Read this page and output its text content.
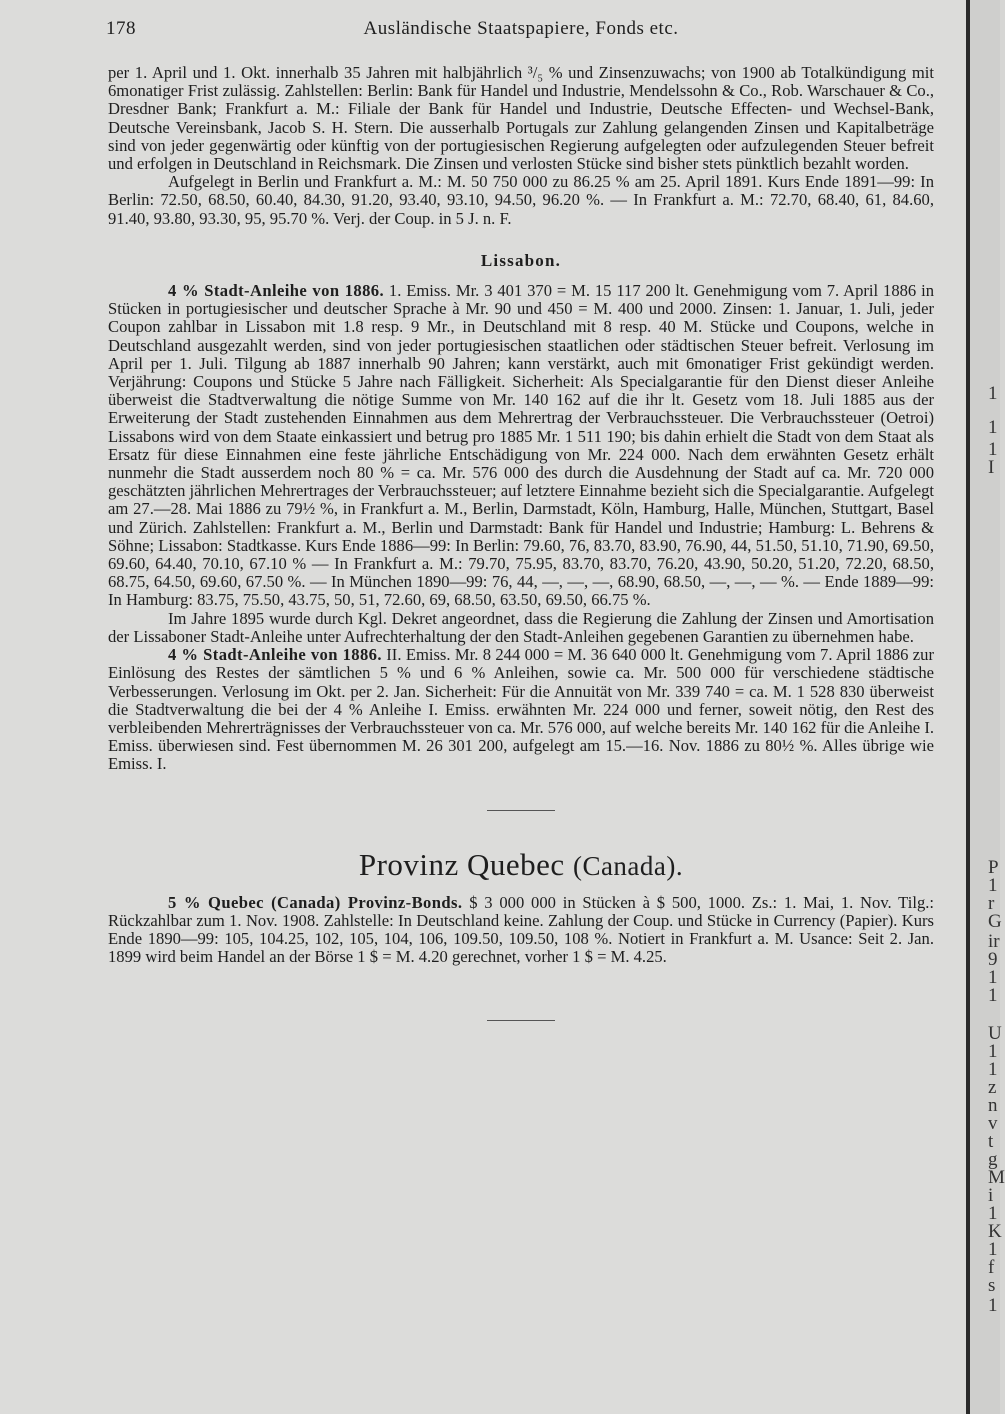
178	Ausländische Staatspapiere, Fonds etc.

per 1. April und 1. Okt. innerhalb 35 Jahren mit halbjährlich ³/₅ % und Zinsenzuwachs; von 1900 ab Totalkündigung mit 6monatiger Frist zulässig. Zahlstellen: Berlin: Bank für Handel und Industrie, Mendelssohn & Co., Rob. Warschauer & Co., Dresdner Bank; Frankfurt a. M.: Filiale der Bank für Handel und Industrie, Deutsche Effecten- und Wechsel-Bank, Deutsche Vereinsbank, Jacob S. H. Stern. Die ausserhalb Portugals zur Zahlung gelangenden Zinsen und Kapitalbeträge sind von jeder gegenwärtig oder künftig von der portugiesischen Regierung aufgelegten oder aufzulegenden Steuer befreit und erfolgen in Deutschland in Reichsmark. Die Zinsen und verlosten Stücke sind bisher stets pünktlich bezahlt worden.

Aufgelegt in Berlin und Frankfurt a. M.: M. 50 750 000 zu 86.25 % am 25. April 1891. Kurs Ende 1891—99: In Berlin: 72.50, 68.50, 60.40, 84.30, 91.20, 93.40, 93.10, 94.50, 96.20 %. — In Frankfurt a. M.: 72.70, 68.40, 61, 84.60, 91.40, 93.80, 93.30, 95, 95.70 %. Verj. der Coup. in 5 J. n. F.

Lissabon.

4 % Stadt-Anleihe von 1886. 1. Emiss. Mr. 3 401 370 = M. 15 117 200 lt. Genehmigung vom 7. April 1886 in Stücken in portugiesischer und deutscher Sprache à Mr. 90 und 450 = M. 400 und 2000. Zinsen: 1. Januar, 1. Juli, jeder Coupon zahlbar in Lissabon mit 1.8 resp. 9 Mr., in Deutschland mit 8 resp. 40 M. Stücke und Coupons, welche in Deutschland ausgezahlt werden, sind von jeder portugiesischen staatlichen oder städtischen Steuer befreit. Verlosung im April per 1. Juli. Tilgung ab 1887 innerhalb 90 Jahren; kann verstärkt, auch mit 6monatiger Frist gekündigt werden. Verjährung: Coupons und Stücke 5 Jahre nach Fälligkeit. Sicherheit: Als Specialgarantie für den Dienst dieser Anleihe überweist die Stadtverwaltung die nötige Summe von Mr. 140 162 auf die ihr lt. Gesetz vom 18. Juli 1885 aus der Erweiterung der Stadt zustehenden Einnahmen aus dem Mehrertrag der Verbrauchssteuer. Die Verbrauchssteuer (Oetroi) Lissabons wird von dem Staate einkassiert und betrug pro 1885 Mr. 1 511 190; bis dahin erhielt die Stadt von dem Staat als Ersatz für diese Einnahmen eine feste jährliche Entschädigung von Mr. 224 000. Nach dem erwähnten Gesetz erhält nunmehr die Stadt ausserdem noch 80 % = ca. Mr. 576 000 des durch die Ausdehnung der Stadt auf ca. Mr. 720 000 geschätzten jährlichen Mehrertrages der Verbrauchssteuer; auf letztere Einnahme bezieht sich die Specialgarantie. Aufgelegt am 27.—28. Mai 1886 zu 79½ %, in Frankfurt a. M., Berlin, Darmstadt, Köln, Hamburg, Halle, München, Stuttgart, Basel und Zürich. Zahlstellen: Frankfurt a. M., Berlin und Darmstadt: Bank für Handel und Industrie; Hamburg: L. Behrens & Söhne; Lissabon: Stadtkasse. Kurs Ende 1886—99: In Berlin: 79.60, 76, 83.70, 83.90, 76.90, 44, 51.50, 51.10, 71.90, 69.50, 69.60, 64.40, 70.10, 67.10 % — In Frankfurt a. M.: 79.70, 75.95, 83.70, 83.70, 76.20, 43.90, 50.20, 51.20, 72.20, 68.50, 68.75, 64.50, 69.60, 67.50 %. — In München 1890—99: 76, 44, —, —, —, 68.90, 68.50, —, —, — %. — Ende 1889—99: In Hamburg: 83.75, 75.50, 43.75, 50, 51, 72.60, 69, 68.50, 63.50, 69.50, 66.75 %.

Im Jahre 1895 wurde durch Kgl. Dekret angeordnet, dass die Regierung die Zahlung der Zinsen und Amortisation der Lissaboner Stadt-Anleihe unter Aufrechterhaltung der den Stadt-Anleihen gegebenen Garantien zu übernehmen habe.

4 % Stadt-Anleihe von 1886. II. Emiss. Mr. 8 244 000 = M. 36 640 000 lt. Genehmigung vom 7. April 1886 zur Einlösung des Restes der sämtlichen 5 % und 6 % Anleihen, sowie ca. Mr. 500 000 für verschiedene städtische Verbesserungen. Verlosung im Okt. per 2. Jan. Sicherheit: Für die Annuität von Mr. 339 740 = ca. M. 1 528 830 überweist die Stadtverwaltung die bei der 4 % Anleihe I. Emiss. erwähnten Mr. 224 000 und ferner, soweit nötig, den Rest des verbleibenden Mehrerträgnisses der Verbrauchssteuer von ca. Mr. 576 000, auf welche bereits Mr. 140 162 für die Anleihe I. Emiss. überwiesen sind. Fest übernommen M. 26 301 200, aufgelegt am 15.—16. Nov. 1886 zu 80½ %. Alles übrige wie Emiss. I.

Provinz Quebec (Canada).

5 % Quebec (Canada) Provinz-Bonds. $ 3 000 000 in Stücken à $ 500, 1000. Zs.: 1. Mai, 1. Nov. Tilg.: Rückzahlbar zum 1. Nov. 1908. Zahlstelle: In Deutschland keine. Zahlung der Coup. und Stücke in Currency (Papier). Kurs Ende 1890—99: 105, 104.25, 102, 105, 104, 106, 109.50, 109.50, 108 %. Notiert in Frankfurt a. M. Usance: Seit 2. Jan. 1899 wird beim Handel an der Börse 1 $ = M. 4.20 gerechnet, vorher 1 $ = M. 4.25.

1
1
1
I
P
1
r
G
ir
9
1
1
U
1
1
z
n
v
t
g
M
i
1
K
1
f
s
1
